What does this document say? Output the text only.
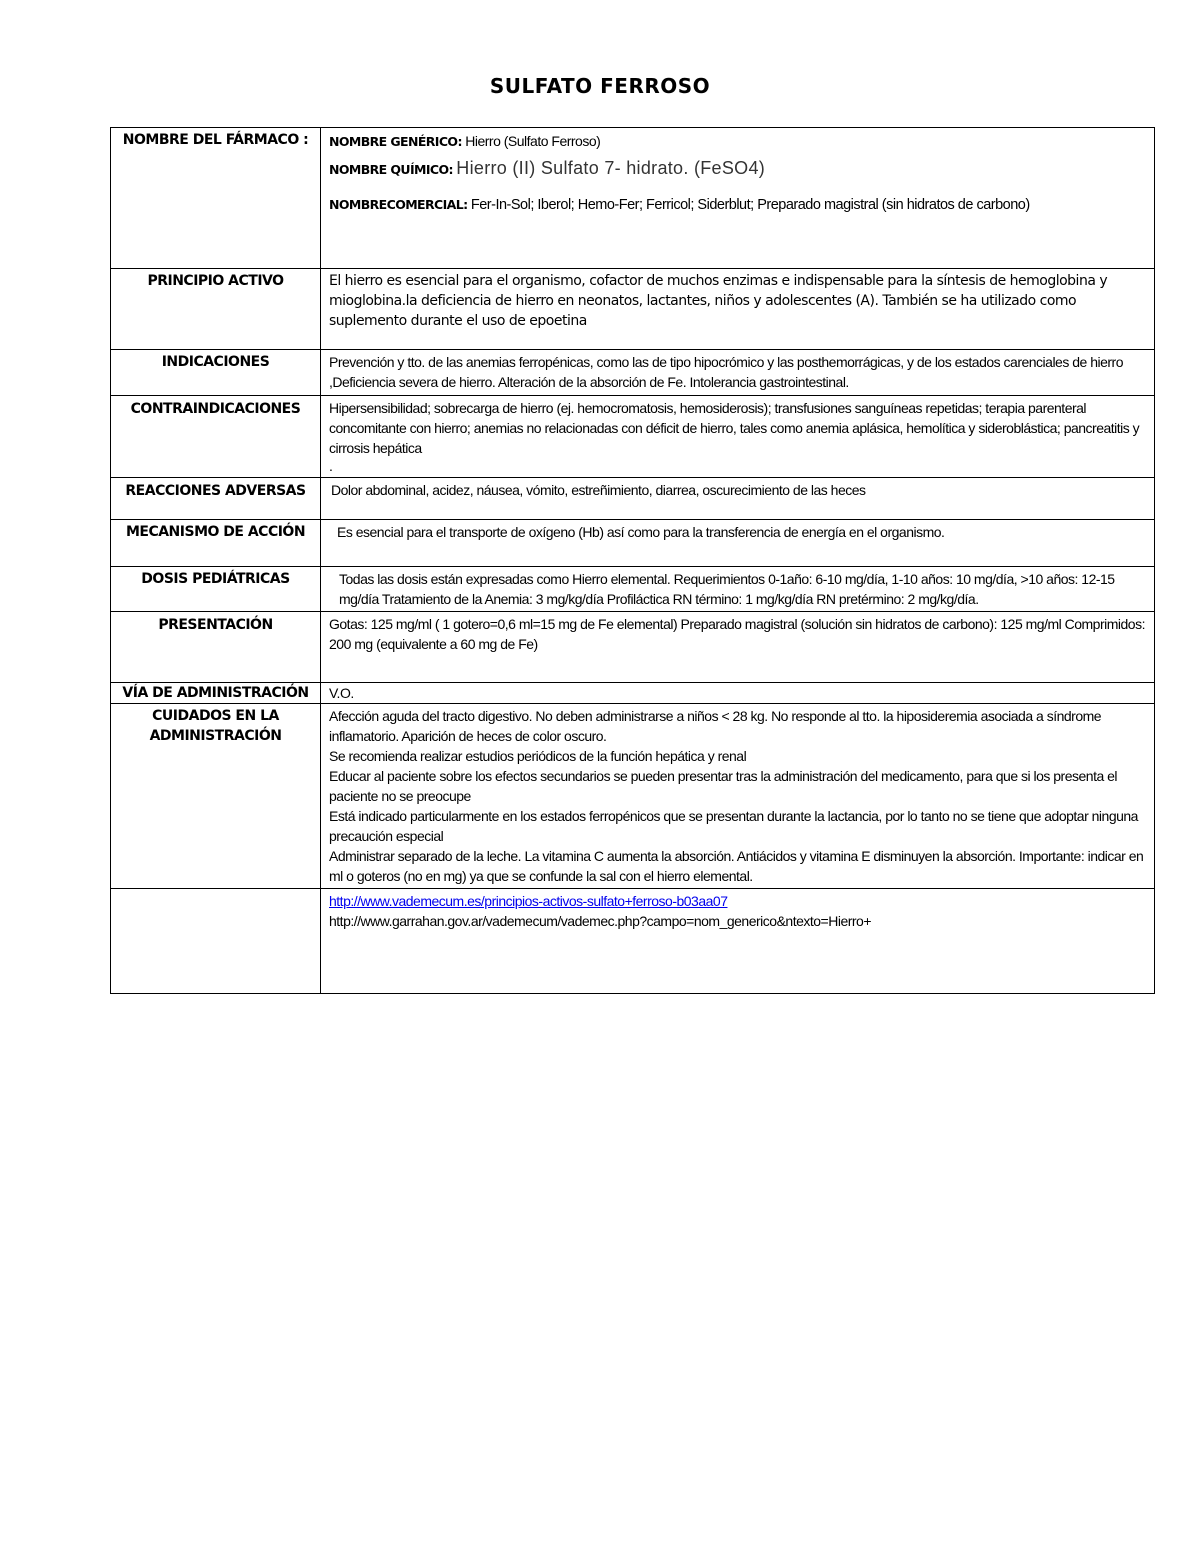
SULFATO FERROSO
NOMBRE DEL FÁRMACO :	NOMBRE GENÉRICO: Hierro (Sulfato Ferroso)
NOMBRE QUÍMICO: Hierro (II) Sulfato 7- hidrato. (FeSO4)
NOMBRECOMERCIAL: Fer-In-Sol; Iberol; Hemo-Fer; Ferricol; Siderblut; Preparado magistral (sin hidratos de carbono)

PRINCIPIO ACTIVO	El hierro es esencial para el organismo, cofactor de muchos enzimas e indispensable para la síntesis de hemoglobina y mioglobina.la deficiencia de hierro en neonatos, lactantes, niños y adolescentes (A). También se ha utilizado como suplemento durante el uso de epoetina
INDICACIONES	Prevención y tto. de las anemias ferropénicas, como las de tipo hipocrómico y las posthemorrágicas, y de los estados carenciales de hierro ,Deficiencia severa de hierro. Alteración de la absorción de Fe. Intolerancia gastrointestinal.
CONTRAINDICACIONES	Hipersensibilidad; sobrecarga de hierro (ej. hemocromatosis, hemosiderosis); transfusiones sanguíneas repetidas; terapia parenteral concomitante con hierro; anemias no relacionadas con déficit de hierro, tales como anemia aplásica, hemolítica y sideroblástica; pancreatitis y cirrosis hepática
.

REACCIONES ADVERSAS	Dolor abdominal, acidez, náusea, vómito, estreñimiento, diarrea, oscurecimiento de las heces
MECANISMO DE ACCIÓN	Es esencial para el transporte de oxígeno (Hb) así como para la transferencia de energía en el organismo.
DOSIS PEDIÁTRICAS	Todas las dosis están expresadas como Hierro elemental. Requerimientos 0-1año: 6-10 mg/día, 1-10 años: 10 mg/día, >10 años: 12-15 mg/día Tratamiento de la Anemia: 3 mg/kg/día Profiláctica RN término: 1 mg/kg/día RN pretérmino: 2 mg/kg/día.
PRESENTACIÓN	Gotas: 125 mg/ml ( 1 gotero=0,6 ml=15 mg de Fe elemental) Preparado magistral (solución sin hidratos de carbono): 125 mg/ml Comprimidos: 200 mg (equivalente a 60 mg de Fe)
VÍA DE ADMINISTRACIÓN	V.O.
CUIDADOS EN LA ADMINISTRACIÓN	Afección aguda del tracto digestivo. No deben administrarse a niños < 28 kg. No responde al tto. la hiposideremia asociada a síndrome inflamatorio. Aparición de heces de color oscuro.
Se recomienda realizar estudios periódicos de la función hepática y renal
Educar al paciente sobre los efectos secundarios se pueden presentar tras la administración del medicamento, para que si los presenta el paciente no se preocupe
Está indicado particularmente en los estados ferropénicos que se presentan durante la lactancia, por lo tanto no se tiene que adoptar ninguna precaución especial
Administrar separado de la leche. La vitamina C aumenta la absorción. Antiácidos y vitamina E disminuyen la absorción. Importante: indicar en ml o goteros (no en mg) ya que se confunde la sal con el hierro elemental.

	http://www.vademecum.es/principios-activos-sulfato+ferroso-b03aa07
http://www.garrahan.gov.ar/vademecum/vademec.php?campo=nom_generico&ntexto=Hierro+
